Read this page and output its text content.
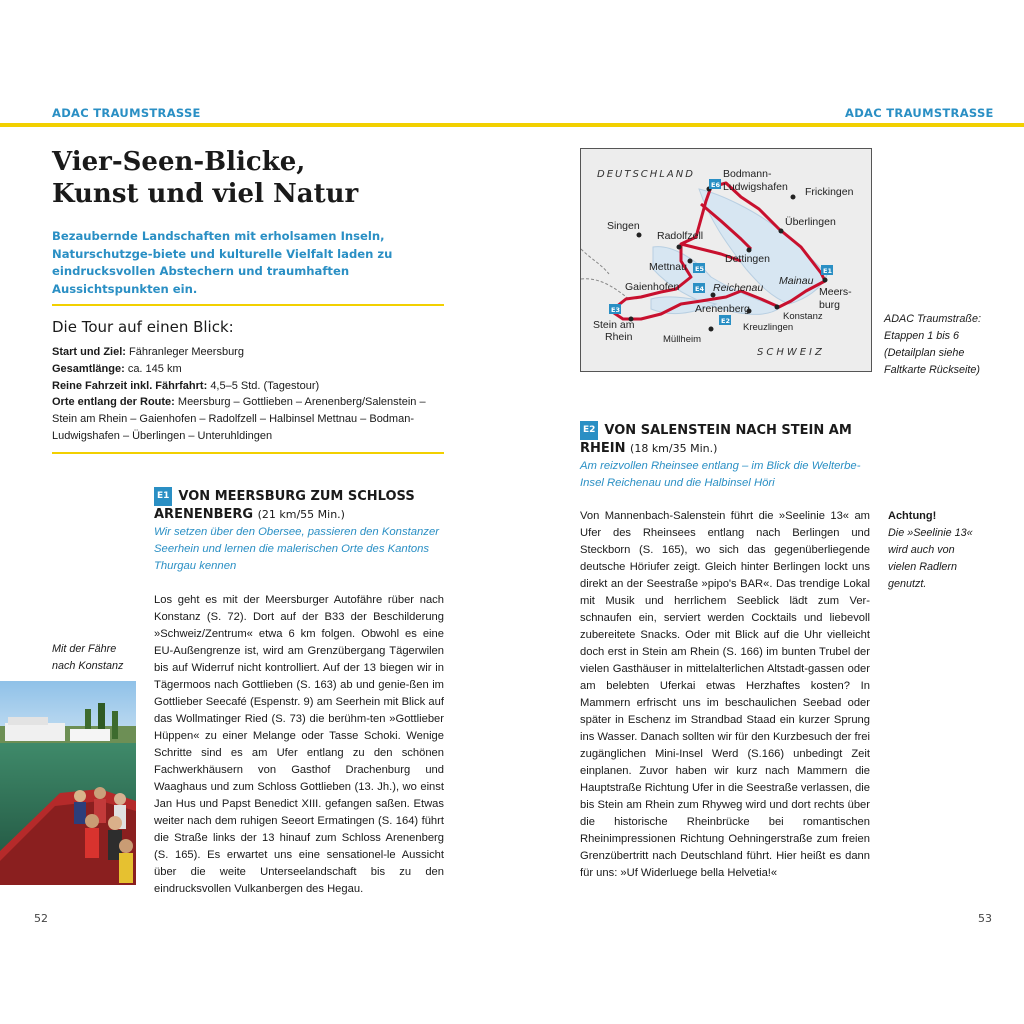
ADAC TRAUMSTRASSE	ADAC TRAUMSTRASSE
Vier-Seen-Blicke,
Kunst und viel Natur
Bezaubernde Landschaften mit erholsamen Inseln, Naturschutzge-biete und kulturelle Vielfalt laden zu eindrucksvollen Abstechern und traumhaften Aussichtspunkten ein.
Die Tour auf einen Blick:
Start und Ziel: Fähranleger Meersburg
Gesamtlänge: ca. 145 km
Reine Fahrzeit inkl. Fährfahrt: 4,5–5 Std. (Tagestour)
Orte entlang der Route: Meersburg – Gottlieben – Arenenberg/Salenstein – Stein am Rhein – Gaienhofen – Radolfzell – Halbinsel Mettnau – Bodman-Ludwigshafen – Überlingen – Unteruhldingen
E1 VON MEERSBURG ZUM SCHLOSS ARENENBERG (21 km/55 Min.)
Wir setzen über den Obersee, passieren den Konstanzer Seerhein und lernen die malerischen Orte des Kantons Thurgau kennen
Los geht es mit der Meersburger Autofähre rüber nach Konstanz (S. 72). Dort auf der B33 der Beschilderung »Schweiz/Zentrum« etwa 6 km folgen. Obwohl es eine EU-Außengrenze ist, wird am Grenzübergang Tägerwilen bis auf Widerruf nicht kontrolliert. Auf der 13 biegen wir in Tägermoos nach Gottlieben (S. 163) ab und genie-ßen im Gottlieber Seecafé (Espenstr. 9) am Seerhein mit Blick auf das Wollmatinger Ried (S. 73) die berühm-ten »Gottlieber Hüppen« zu einer Melange oder Tasse Schoki. Wenige Schritte sind es am Ufer entlang zu den schönen Fachwerkhäusern von Gasthof Drachenburg und Waaghaus und zum Schloss Gottlieben (13. Jh.), wo einst Jan Hus und Papst Benedict XIII. gefangen saßen. Etwas weiter nach dem ruhigen Seeort Ermatingen (S. 164) führt die Straße links der 13 hinauf zum Schloss Arenenberg (S. 165). Es erwartet uns eine sensationel-le Aussicht über die weite Unterseelandschaft bis zu den eindrucksvollen Vulkanbergen des Hegau.
Mit der Fähre
nach Konstanz
52
DEUTSCHLAND
SCHWEIZ
Bodmann-
Ludwigshafen Frickingen
Singen	Überlingen
Radolfzell
Dettingen
Mettnau
Mainau
Gaienhofen	Reichenau	Meers-
burg
Arenenberg
Konstanz
Kreuzlingen
Stein am
Rhein	Müllheim
E1
E2
E3
E4
E5
E6
ADAC Traumstraße:
Etappen 1 bis 6
(Detailplan siehe
Faltkarte Rückseite)
E2 VON SALENSTEIN NACH STEIN AM
RHEIN (18 km/35 Min.)
Am reizvollen Rheinsee entlang – im Blick die Welterbe-Insel Reichenau und die Halbinsel Höri
Von Mannenbach-Salenstein führt die »Seelinie 13« am Ufer des Rheinsees entlang nach Berlingen und Steckborn (S. 165), wo sich das gegenüberliegende deutsche Höriufer zeigt. Gleich hinter Berlingen lockt uns direkt an der Seestraße »pipo's BAR«. Das trendige Lokal mit Musik und herrlichem Seeblick lädt zum Ver-schnaufen ein, serviert werden Cocktails und liebevoll zubereitete Snacks. Oder mit Blick auf die Uhr vielleicht doch erst in Stein am Rhein (S. 166) im bunten Trubel der vielen Gasthäuser in mittelalterlichen Altstadt-gassen oder am belebten Uferkai etwas Herzhaftes kosten? In Mammern erfrischt uns im beschaulichen Seebad oder später in Eschenz im Strandbad Staad ein kurzer Sprung ins Wasser. Danach sollten wir für den Kurzbesuch der frei zugänglichen Mini-Insel Werd (S.166) unbedingt Zeit einplanen. Zuvor haben wir kurz nach Mammern die Hauptstraße Richtung Ufer in die Seestraße verlassen, die bis Stein am Rhein zum Rhyweg wird und dort rechts über die historische Rheinbrücke bei romantischen Rheinimpressionen Richtung Oehningerstraße zum freien Grenzübertritt nach Deutschland führt. Hier heißt es dann für uns: »Uf Widerluege bella Helvetia!«
Achtung!
Die »Seelinie 13«
wird auch von
vielen Radlern
genutzt.
53
